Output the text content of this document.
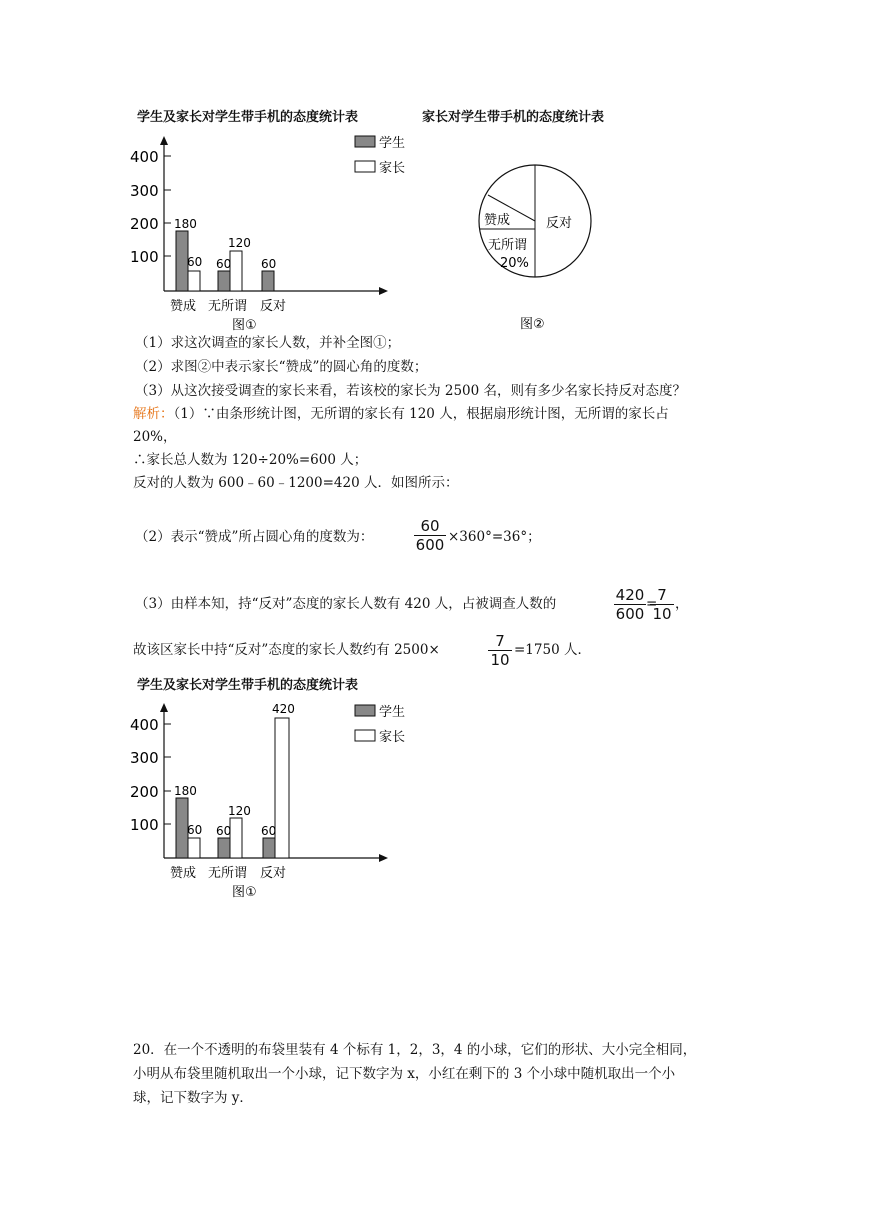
学生及家长对学生带手机的态度统计表
400
300
200
100
180
60 60
120
60
赞成 无所谓 反对
学生
家长
图①
家长对学生带手机的态度统计表
赞成
无所谓
20%
反对
图②
（1）求这次调查的家长人数，并补全图①；
（2）求图②中表示家长“赞成”的圆心角的度数；
（3）从这次接受调查的家长来看，若该校的家长为 2500 名，则有多少名家长持反对态度？
解析：（1）∵由条形统计图，无所谓的家长有 120 人，根据扇形统计图，无所谓的家长占
20%，
∴家长总人数为 120÷20%=600 人；
反对的人数为 600﹣60﹣1200=420 人．如图所示：
（2）表示“赞成”所占圆心角的度数为：
60
600 ×360°=36°；
（3）由样本知，持“反对”态度的家长人数有 420 人，占被调查人数的	420
600
= 7
10
，
故该区家长中持“反对”态度的家长人数约有 2500×	7
10
=1750 人．
学生及家长对学生带手机的态度统计表
400
300
200
100
180
60 60
120
60
420
赞成 无所谓 反对
学生
家长
图①
20．在一个不透明的布袋里装有 4 个标有 1，2，3，4 的小球，它们的形状、大小完全相同，
小明从布袋里随机取出一个小球，记下数字为 x，小红在剩下的 3 个小球中随机取出一个小
球，记下数字为 y．
